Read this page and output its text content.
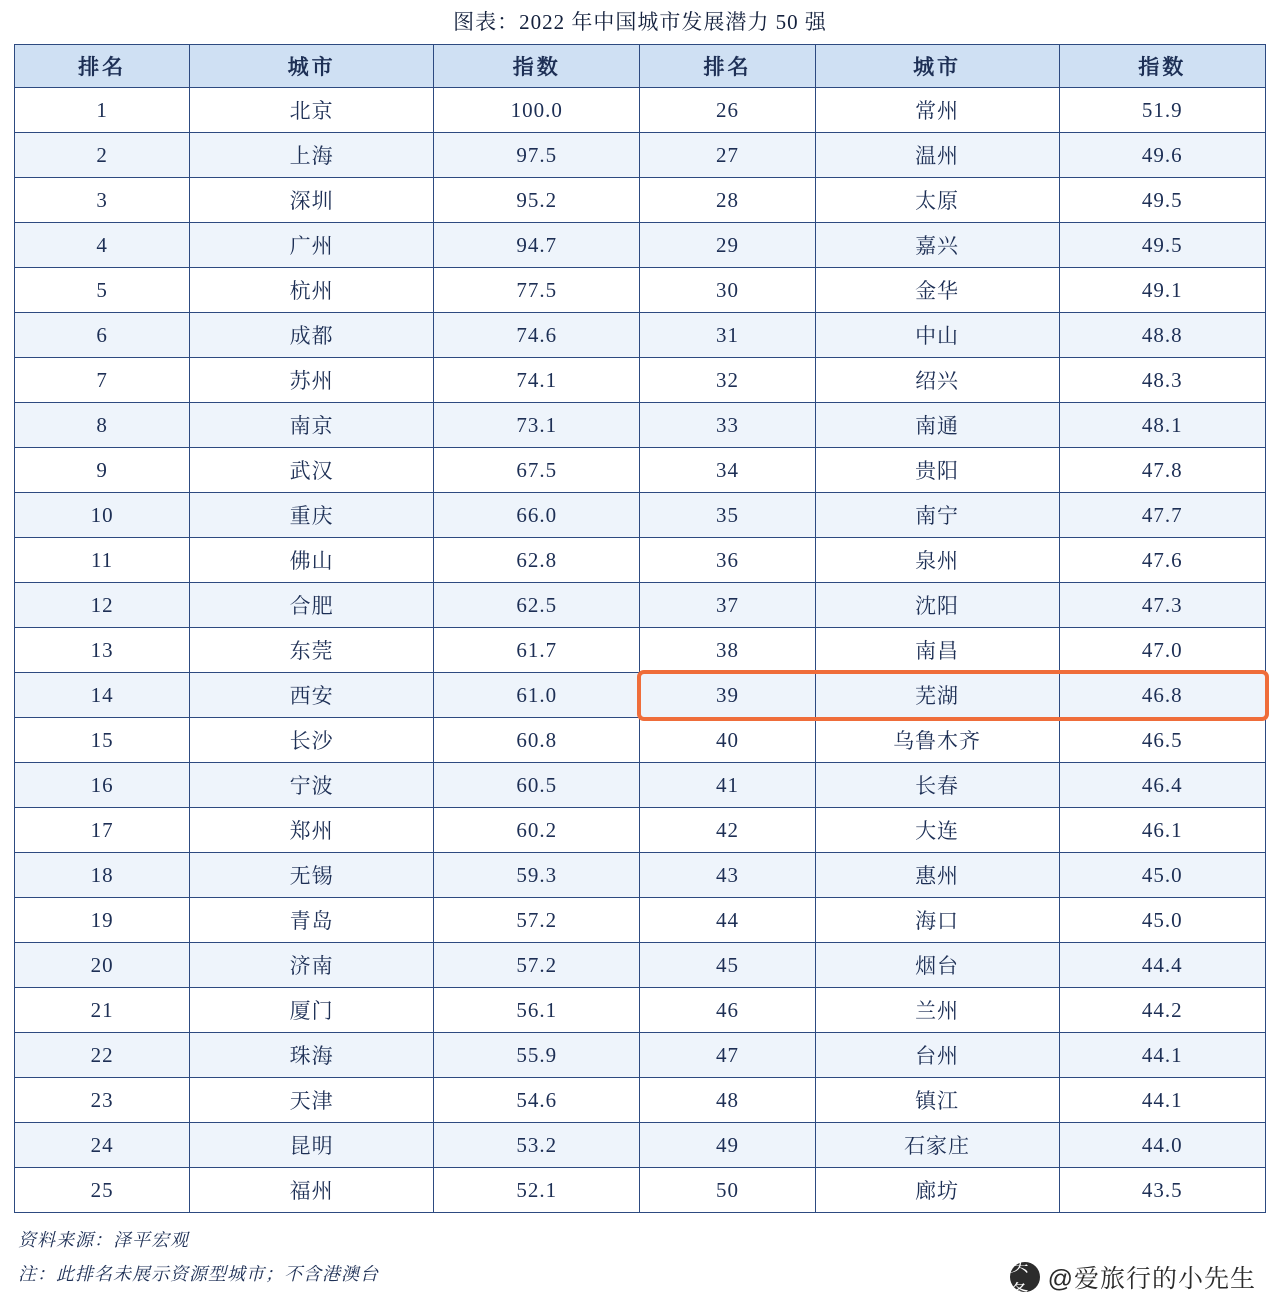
图表：2022 年中国城市发展潜力 50 强
排名	城市	指数	排名	城市	指数
1	北京	100.0	26	常州	51.9
2	上海	97.5	27	温州	49.6
3	深圳	95.2	28	太原	49.5
4	广州	94.7	29	嘉兴	49.5
5	杭州	77.5	30	金华	49.1
6	成都	74.6	31	中山	48.8
7	苏州	74.1	32	绍兴	48.3
8	南京	73.1	33	南通	48.1
9	武汉	67.5	34	贵阳	47.8
10	重庆	66.0	35	南宁	47.7
11	佛山	62.8	36	泉州	47.6
12	合肥	62.5	37	沈阳	47.3
13	东莞	61.7	38	南昌	47.0
14	西安	61.0	39	芜湖	46.8
15	长沙	60.8	40	乌鲁木齐	46.5
16	宁波	60.5	41	长春	46.4
17	郑州	60.2	42	大连	46.1
18	无锡	59.3	43	惠州	45.0
19	青岛	57.2	44	海口	45.0
20	济南	57.2	45	烟台	44.4
21	厦门	56.1	46	兰州	44.2
22	珠海	55.9	47	台州	44.1
23	天津	54.6	48	镇江	44.1
24	昆明	53.2	49	石家庄	44.0
25	福州	52.1	50	廊坊	43.5
资料来源：泽平宏观
注：此排名未展示资源型城市；不含港澳台	头条 @爱旅行的小先生
